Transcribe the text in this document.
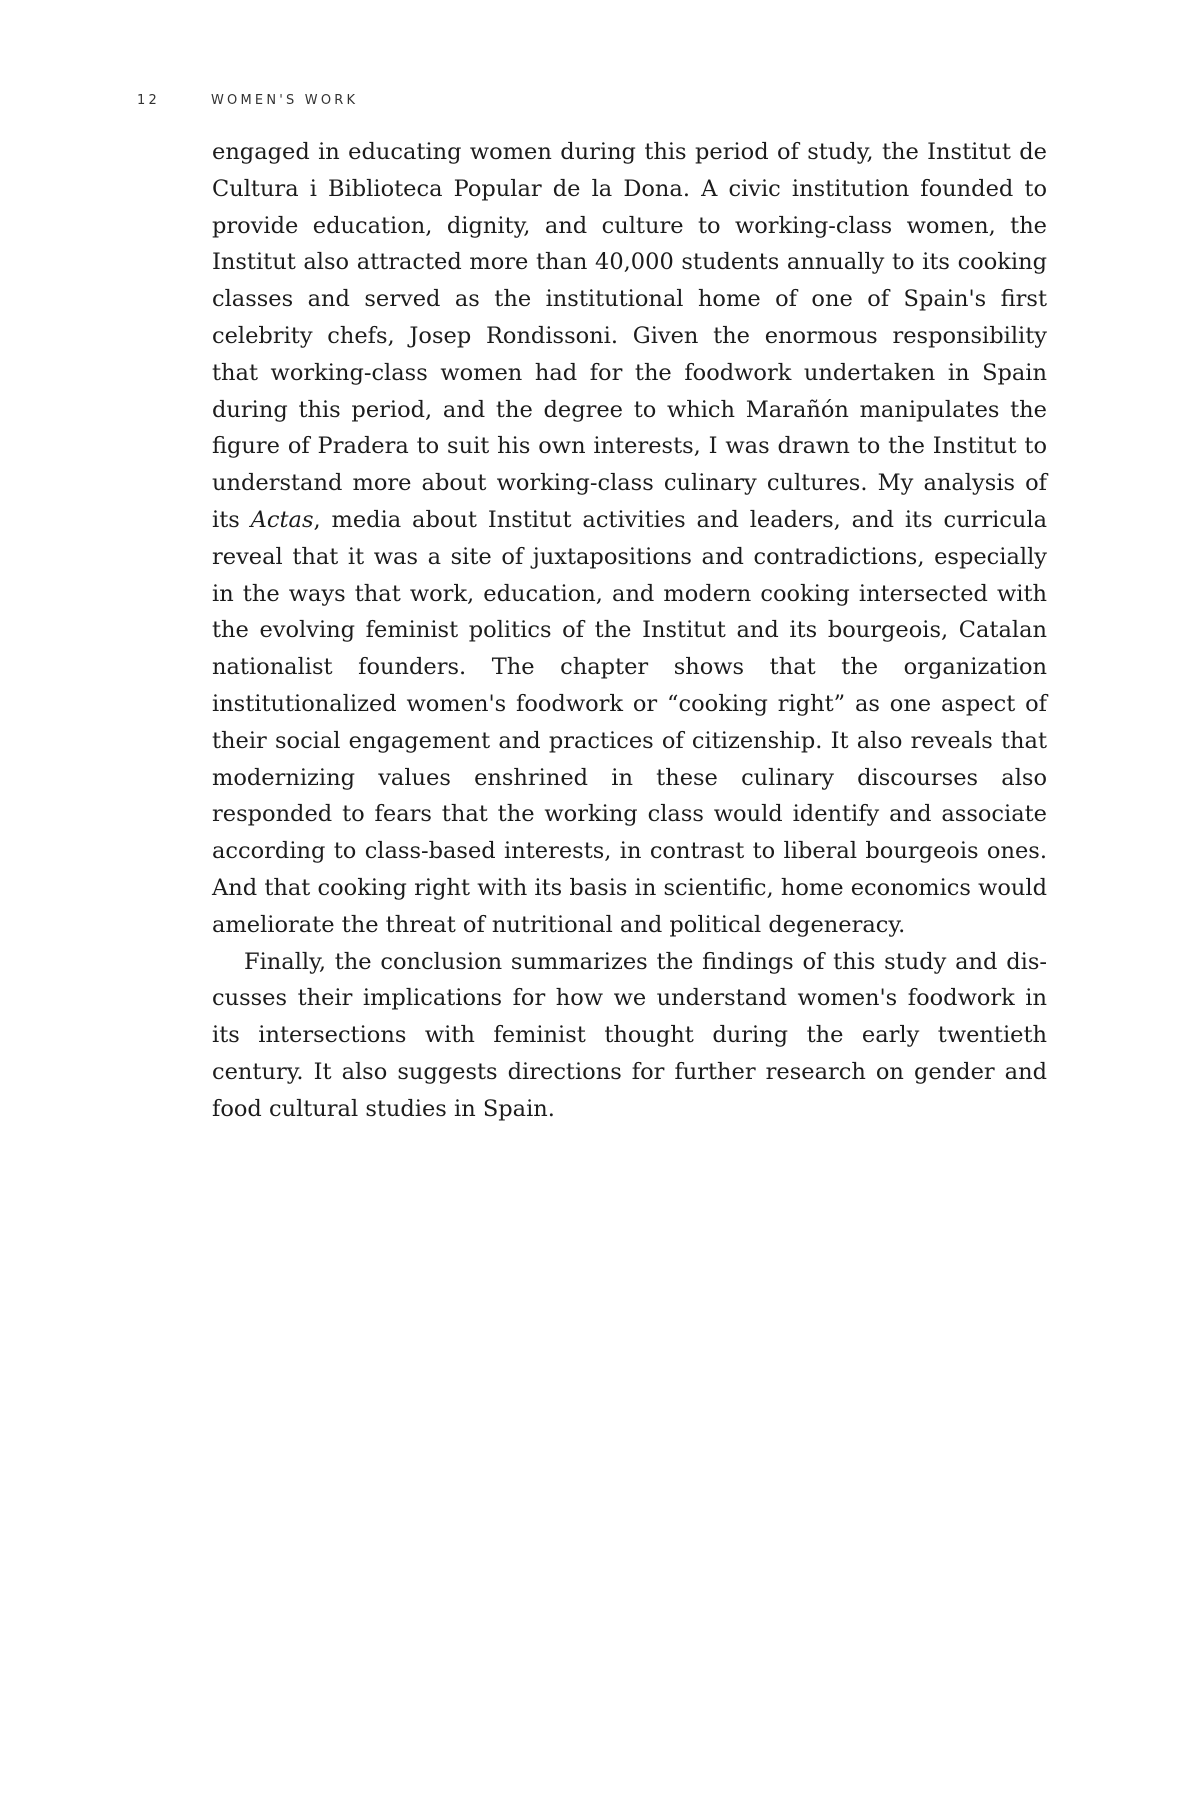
12	WOMEN'S WORK

engaged in educating women during this period of study, the Institut de Cultura i Biblioteca Popular de la Dona. A civic institution founded to provide education, dignity, and culture to working-class women, the Institut also attracted more than 40,000 students annually to its cooking classes and served as the institutional home of one of Spain's first celebrity chefs, Josep Rondissoni. Given the enormous responsibility that working-class women had for the foodwork undertaken in Spain during this period, and the degree to which Marañón manipulates the figure of Pradera to suit his own interests, I was drawn to the Institut to understand more about working-class culinary cultures. My analysis of its Actas, media about Institut activities and leaders, and its curricula reveal that it was a site of juxtapositions and contradictions, especially in the ways that work, education, and modern cooking intersected with the evolving feminist politics of the Institut and its bourgeois, Catalan nationalist founders. The chapter shows that the organization institutionalized women's foodwork or “cooking right” as one aspect of their social engagement and practices of citizenship. It also reveals that modernizing values enshrined in these culinary discourses also responded to fears that the working class would identify and associate according to class-based interests, in contrast to liberal bourgeois ones. And that cooking right with its basis in scientific, home economics would ameliorate the threat of nutritional and political degeneracy.

Finally, the conclusion summarizes the findings of this study and discusses their implications for how we understand women's foodwork in its intersections with feminist thought during the early twentieth century. It also suggests directions for further research on gender and food cultural studies in Spain.
